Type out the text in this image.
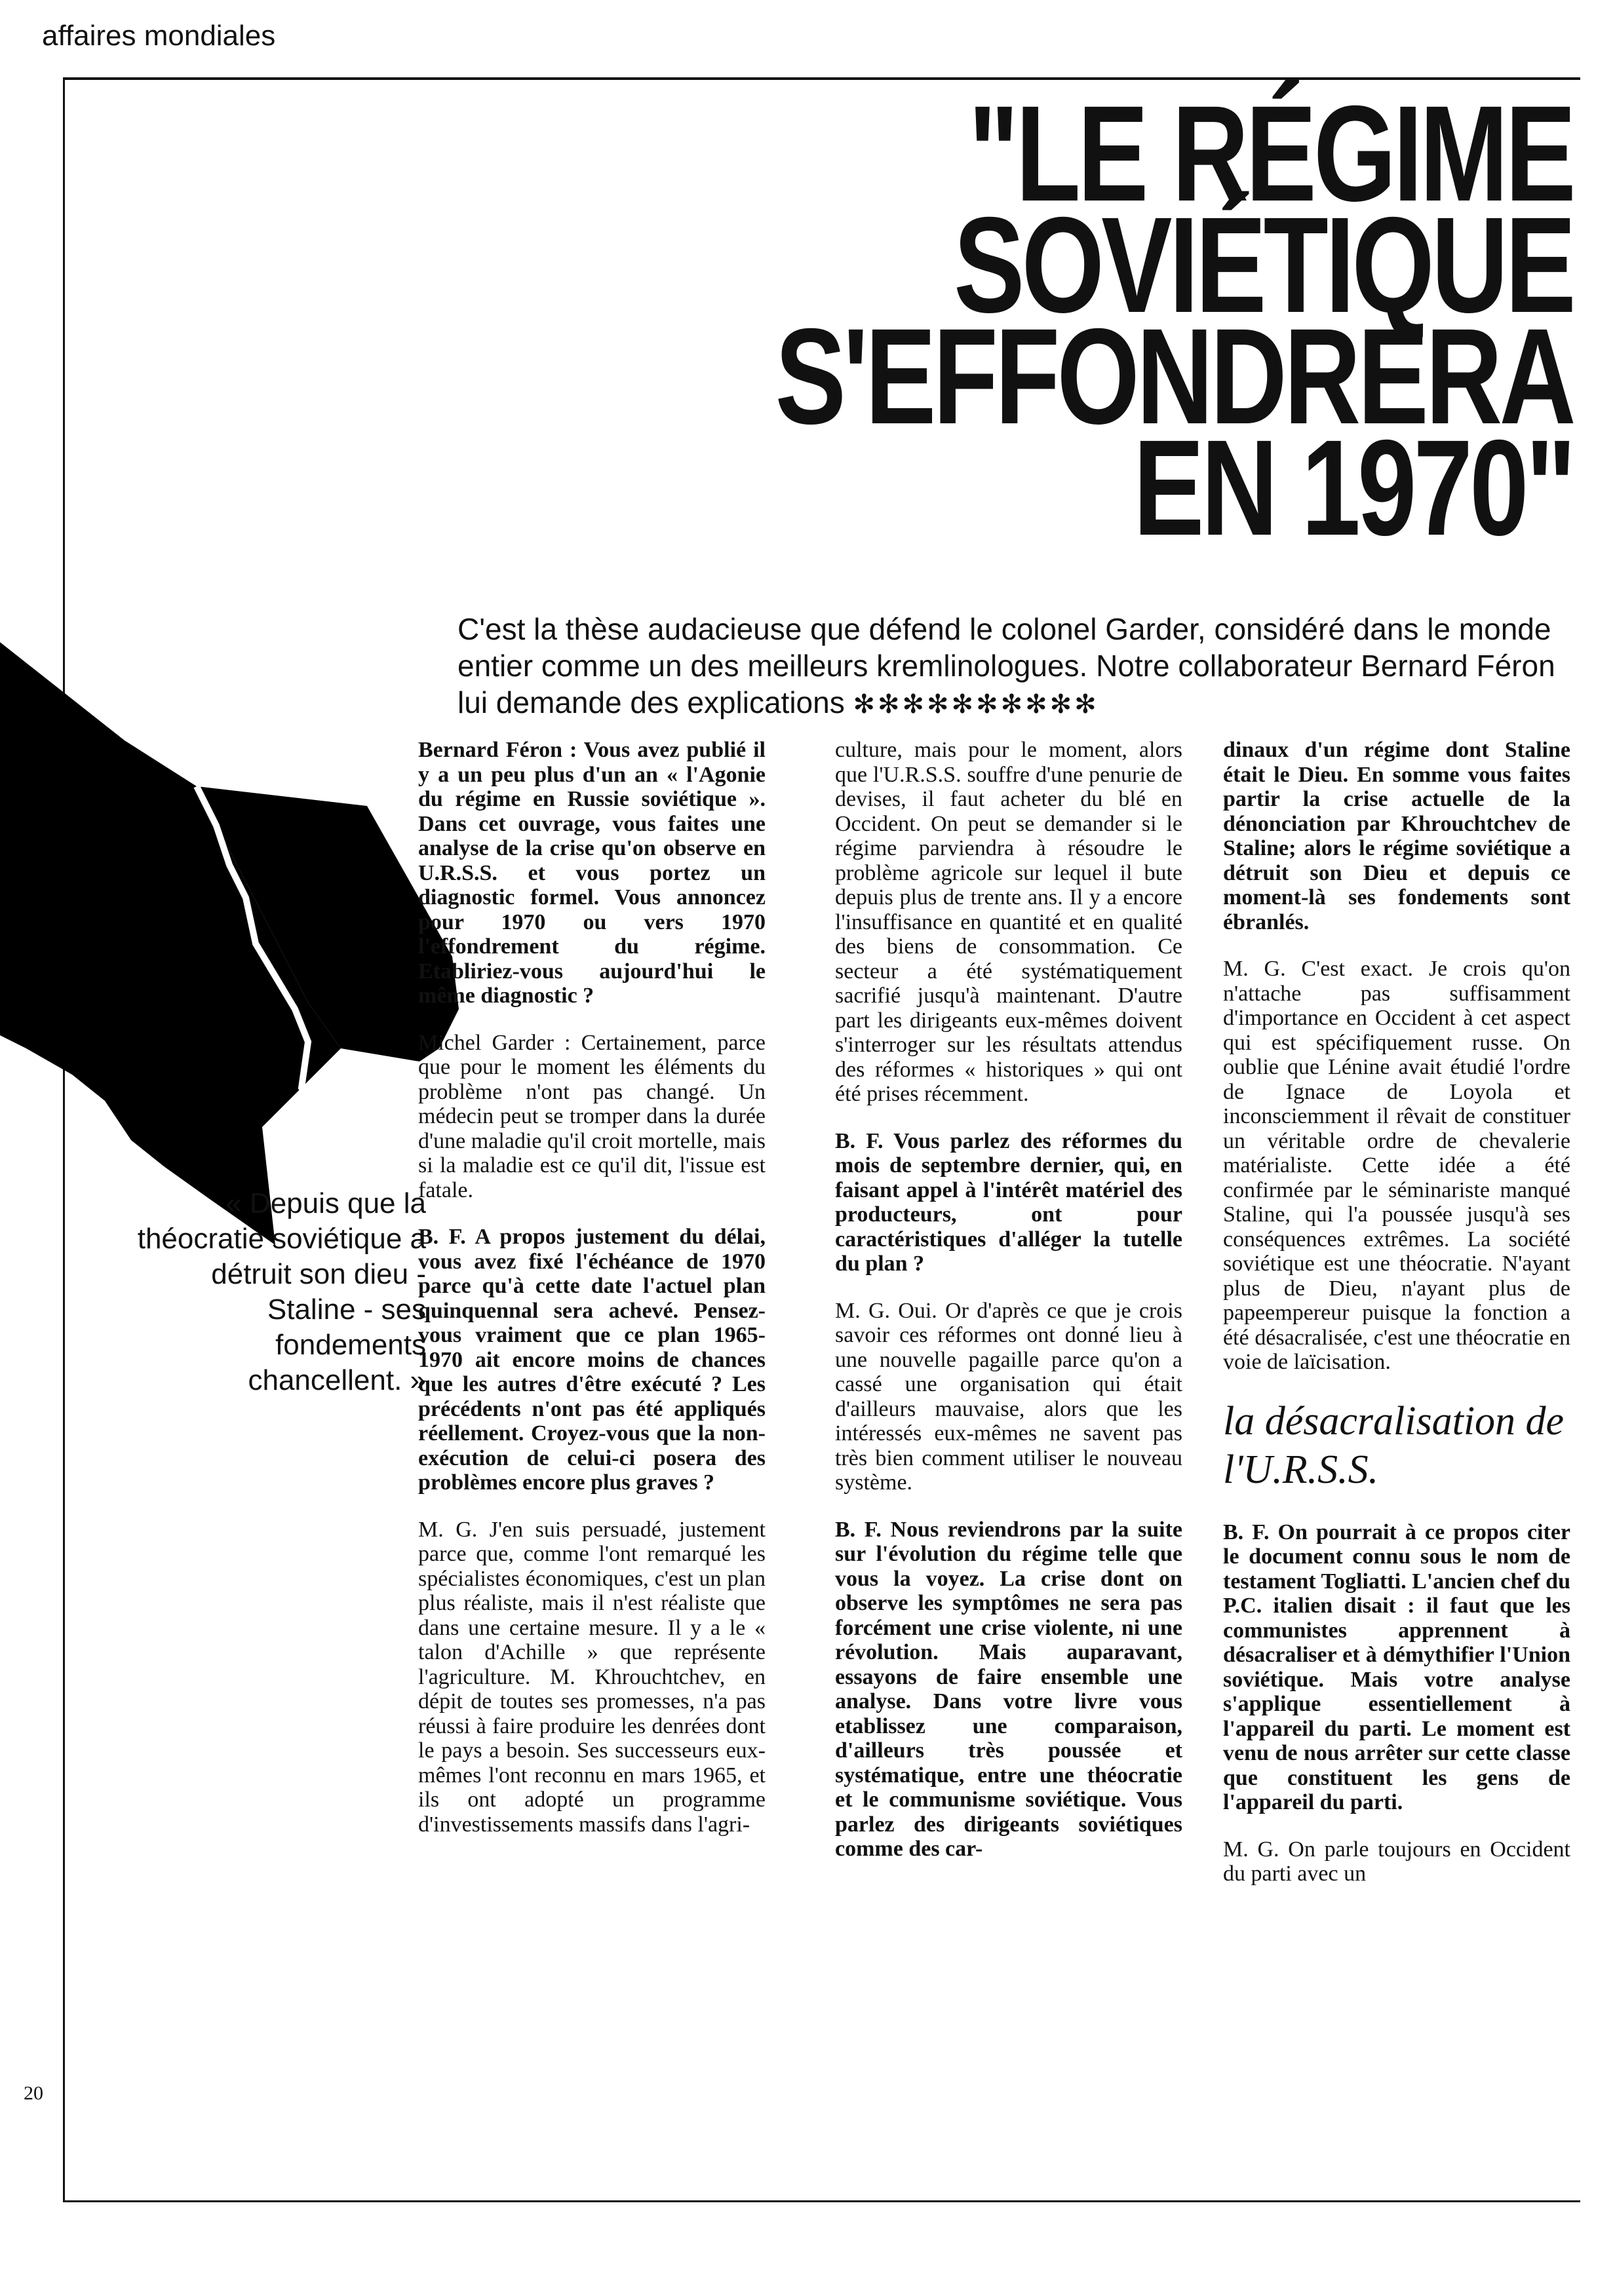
affaires mondiales
"LE RÉGIME
SOVIÉTIQUE
S'EFFONDRERA
EN 1970"
C'est la thèse audacieuse que défend le colonel Garder, considéré dans le monde entier comme un des meilleurs kremlinologues. Notre collaborateur Bernard Féron lui demande des explications ✻✻✻✻✻✻✻✻✻✻
« Depuis que la théocratie soviétique a détruit son dieu - Staline - ses fondements chancellent. »

Bernard Féron : Vous avez publié il y a un peu plus d'un an « l'Agonie du régime en Russie soviétique ». Dans cet ouvrage, vous faites une analyse de la crise qu'on observe en U.R.S.S. et vous portez un diagnostic formel. Vous annoncez pour 1970 ou vers 1970 l'effondrement du régime. Etabliriez-vous aujourd'hui le même diagnostic ?

Michel Garder : Certainement, parce que pour le moment les éléments du problème n'ont pas changé. Un médecin peut se tromper dans la durée d'une maladie qu'il croit mortelle, mais si la maladie est ce qu'il dit, l'issue est fatale.

B. F. A propos justement du délai, vous avez fixé l'échéance de 1970 parce qu'à cette date l'actuel plan quinquennal sera achevé. Pensez-vous vraiment que ce plan 1965-1970 ait encore moins de chances que les autres d'être exécuté ? Les précédents n'ont pas été appliqués réellement. Croyez-vous que la non-exécution de celui-ci posera des problèmes encore plus graves ?

M. G. J'en suis persuadé, justement parce que, comme l'ont remarqué les spécialistes économiques, c'est un plan plus réaliste, mais il n'est réaliste que dans une certaine mesure. Il y a le « talon d'Achille » que représente l'agriculture. M. Khrouchtchev, en dépit de toutes ses promesses, n'a pas réussi à faire produire les denrées dont le pays a besoin. Ses successeurs eux-mêmes l'ont reconnu en mars 1965, et ils ont adopté un programme d'investissements massifs dans l'agri-

culture, mais pour le moment, alors que l'U.R.S.S. souffre d'une penurie de devises, il faut acheter du blé en Occident. On peut se demander si le régime parviendra à résoudre le problème agricole sur lequel il bute depuis plus de trente ans. Il y a encore l'insuffisance en quantité et en qualité des biens de consommation. Ce secteur a été systématiquement sacrifié jusqu'à maintenant. D'autre part les dirigeants eux-mêmes doivent s'interroger sur les résultats attendus des réformes « historiques » qui ont été prises récemment.

B. F. Vous parlez des réformes du mois de septembre dernier, qui, en faisant appel à l'intérêt matériel des producteurs, ont pour caractéristiques d'alléger la tutelle du plan ?

M. G. Oui. Or d'après ce que je crois savoir ces réformes ont donné lieu à une nouvelle pagaille parce qu'on a cassé une organisation qui était d'ailleurs mauvaise, alors que les intéressés eux-mêmes ne savent pas très bien comment utiliser le nouveau système.

B. F. Nous reviendrons par la suite sur l'évolution du régime telle que vous la voyez. La crise dont on observe les symptômes ne sera pas forcément une crise violente, ni une révolution. Mais auparavant, essayons de faire ensemble une analyse. Dans votre livre vous etablissez une comparaison, d'ailleurs très poussée et systématique, entre une théocratie et le communisme soviétique. Vous parlez des dirigeants soviétiques comme des car-

dinaux d'un régime dont Staline était le Dieu. En somme vous faites partir la crise actuelle de la dénonciation par Khrouchtchev de Staline; alors le régime soviétique a détruit son Dieu et depuis ce moment-là ses fondements sont ébranlés.

M. G. C'est exact. Je crois qu'on n'attache pas suffisamment d'importance en Occident à cet aspect qui est spécifiquement russe. On oublie que Lénine avait étudié l'ordre de Ignace de Loyola et inconsciemment il rêvait de constituer un véritable ordre de chevalerie matérialiste. Cette idée a été confirmée par le séminariste manqué Staline, qui l'a poussée jusqu'à ses conséquences extrêmes. La société soviétique est une théocratie. N'ayant plus de Dieu, n'ayant plus de papeempereur puisque la fonction a été désacralisée, c'est une théocratie en voie de laïcisation.

la désacralisation de l'U.R.S.S.

B. F. On pourrait à ce propos citer le document connu sous le nom de testament Togliatti. L'ancien chef du P.C. italien disait : il faut que les communistes apprennent à désacraliser et à démythifier l'Union soviétique. Mais votre analyse s'applique essentiellement à l'appareil du parti. Le moment est venu de nous arrêter sur cette classe que constituent les gens de l'appareil du parti.

M. G. On parle toujours en Occident du parti avec un

20
